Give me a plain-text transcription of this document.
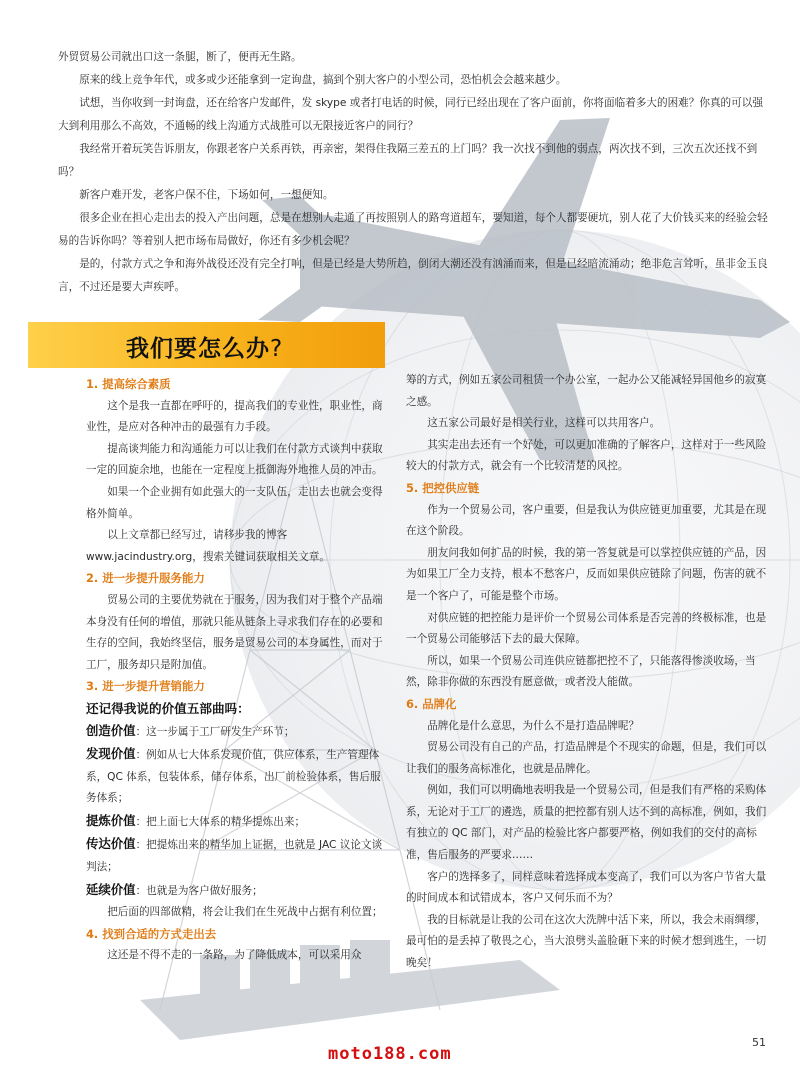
外贸贸易公司就出口这一条腿，断了，便再无生路。

原来的线上竞争年代，或多或少还能拿到一定询盘，搞到个别大客户的小型公司，恐怕机会会越来越少。

试想，当你收到一封询盘，还在给客户发邮件，发 skype 或者打电话的时候，同行已经出现在了客户面前，你将面临着多大的困难？你真的可以强大到利用那么不高效，不通畅的线上沟通方式战胜可以无限接近客户的同行？

我经常开着玩笑告诉朋友，你跟老客户关系再铁，再亲密，架得住我隔三差五的上门吗？我一次找不到他的弱点，两次找不到，三次五次还找不到吗？

新客户难开发，老客户保不住，下场如何，一想便知。

很多企业在担心走出去的投入产出问题，总是在想别人走通了再按照别人的路弯道超车，要知道，每个人都要硬坑，别人花了大价钱买来的经验会轻易的告诉你吗？等着别人把市场布局做好，你还有多少机会呢？

是的，付款方式之争和海外战役还没有完全打响，但是已经是大势所趋，倒闭大潮还没有汹涌而来，但是已经暗流涌动；绝非危言耸听，虽非金玉良言，不过还是要大声疾呼。

我们要怎么办?

1. 提高综合素质

这个是我一直都在呼吁的，提高我们的专业性，职业性，商业性，是应对各种冲击的最强有力手段。

提高谈判能力和沟通能力可以让我们在付款方式谈判中获取一定的回旋余地，也能在一定程度上抵御海外地推人员的冲击。

如果一个企业拥有如此强大的一支队伍，走出去也就会变得格外简单。

以上文章都已经写过，请移步我的博客 www.jacindustry.org，搜索关键词获取相关文章。

2. 进一步提升服务能力

贸易公司的主要优势就在于服务，因为我们对于整个产品端本身没有任何的增值，那就只能从链条上寻求我们存在的必要和生存的空间，我始终坚信，服务是贸易公司的本身属性，而对于工厂，服务却只是附加值。

3. 进一步提升营销能力

还记得我说的价值五部曲吗：

创造价值：这一步属于工厂研发生产环节；

发现价值：例如从七大体系发现价值，供应体系，生产管理体系，QC 体系，包装体系，储存体系，出厂前检验体系，售后服务体系；

提炼价值：把上面七大体系的精华提炼出来；

传达价值：把提炼出来的精华加上证据，也就是 JAC 议论文谈判法；

延续价值：也就是为客户做好服务；

把后面的四部做精，将会让我们在生死战中占据有利位置；

4. 找到合适的方式走出去

这还是不得不走的一条路，为了降低成本，可以采用众

筹的方式，例如五家公司租赁一个办公室，一起办公又能减轻异国他乡的寂寞之感。

这五家公司最好是相关行业，这样可以共用客户。

其实走出去还有一个好处，可以更加准确的了解客户，这样对于一些风险较大的付款方式，就会有一个比较清楚的风控。

5. 把控供应链

作为一个贸易公司，客户重要，但是我认为供应链更加重要，尤其是在现在这个阶段。

朋友问我如何扩品的时候，我的第一答复就是可以掌控供应链的产品，因为如果工厂全力支持，根本不愁客户，反而如果供应链除了问题，伤害的就不是一个客户了，可能是整个市场。

对供应链的把控能力是评价一个贸易公司体系是否完善的终极标准，也是一个贸易公司能够活下去的最大保障。

所以，如果一个贸易公司连供应链都把控不了，只能落得惨淡收场，当然，除非你做的东西没有愿意做，或者没人能做。

6. 品牌化

品牌化是什么意思，为什么不是打造品牌呢？

贸易公司没有自己的产品，打造品牌是个不现实的命题，但是，我们可以让我们的服务高标准化，也就是品牌化。

例如，我们可以明确地表明我是一个贸易公司，但是我们有严格的采购体系，无论对于工厂的遴选，质量的把控都有别人达不到的高标准，例如，我们有独立的 QC 部门，对产品的检验比客户都要严格，例如我们的交付的高标准，售后服务的严要求……

客户的选择多了，同样意味着选择成本变高了，我们可以为客户节省大量的时间成本和试错成本，客户又何乐而不为？

我的目标就是让我的公司在这次大洗牌中活下来，所以，我会未雨绸缪，最可怕的是丢掉了敬畏之心，当大浪劈头盖脸砸下来的时候才想到逃生，一切晚矣！

51
moto188.com
